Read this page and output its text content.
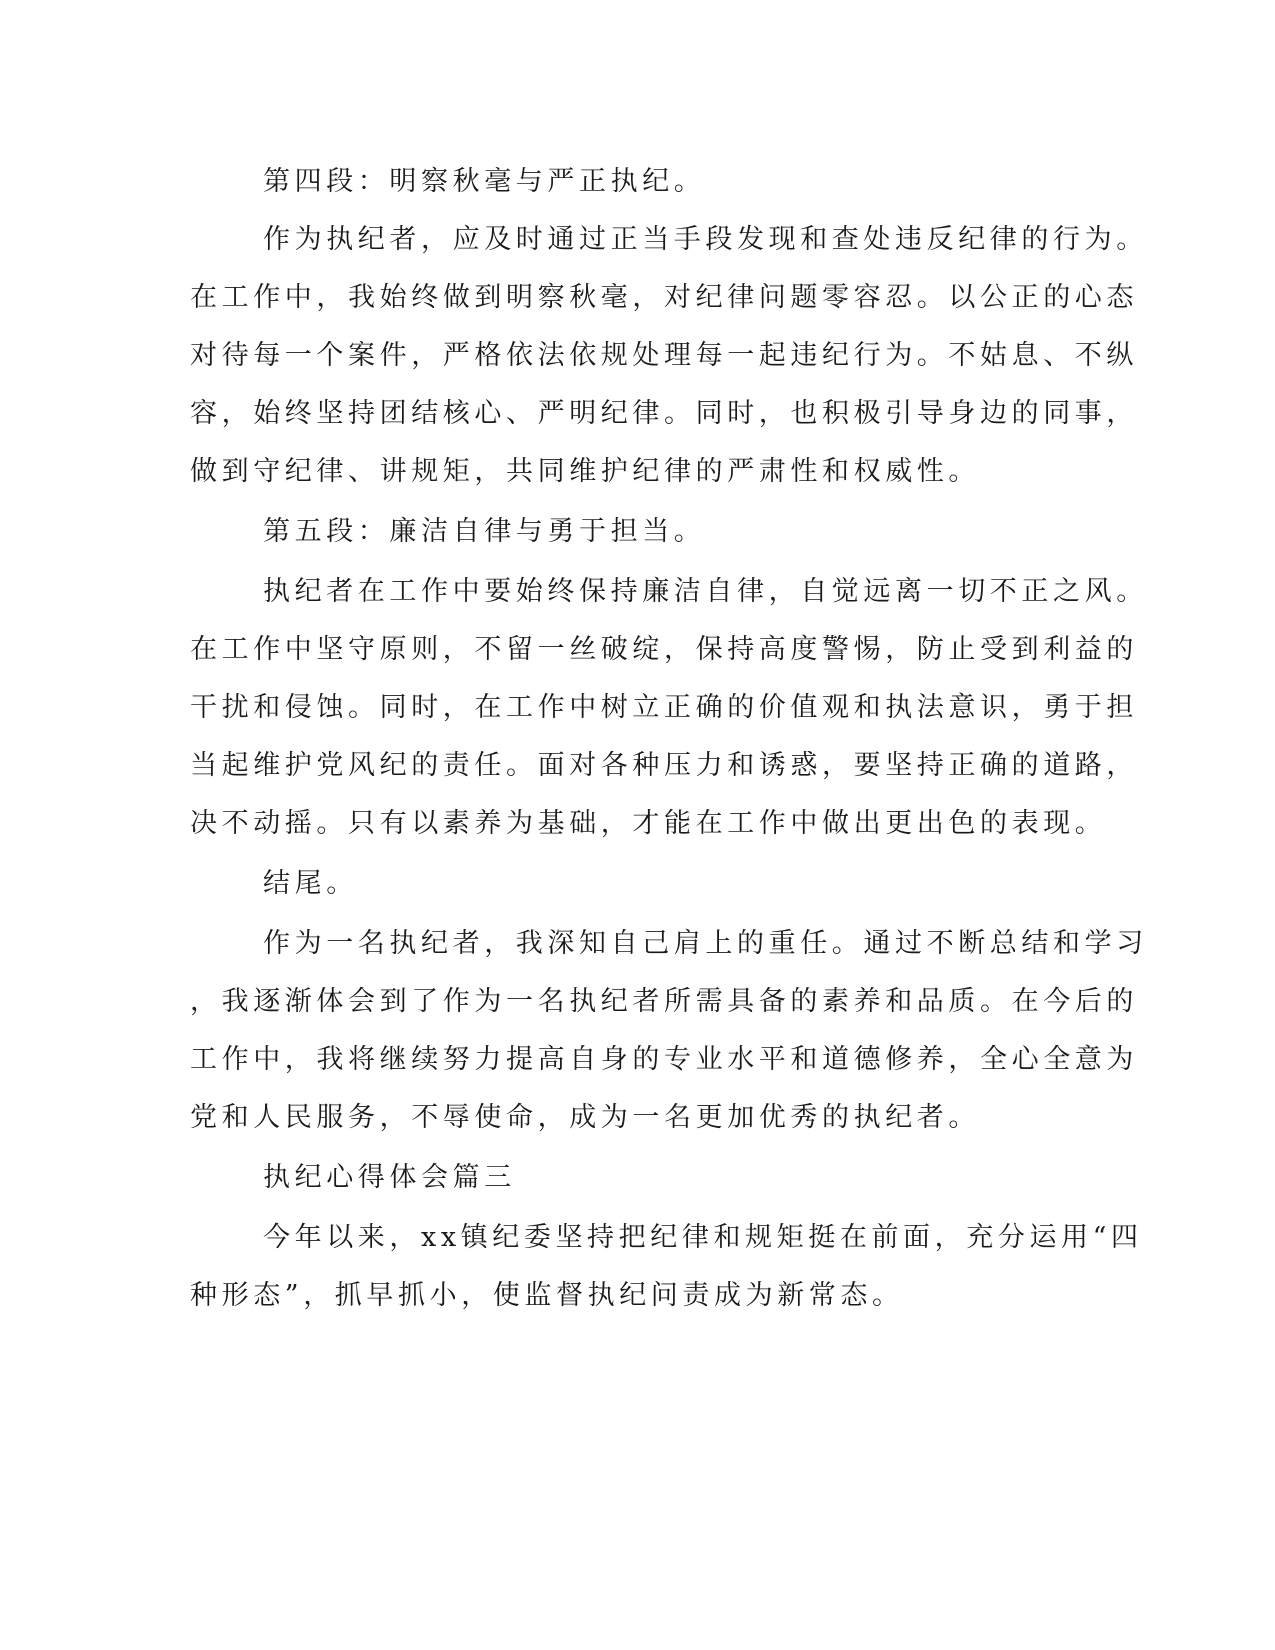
第四段：明察秋毫与严正执纪。

作为执纪者，应及时通过正当手段发现和查处违反纪律的行为。

在工作中，我始终做到明察秋毫，对纪律问题零容忍。以公正的心态

对待每一个案件，严格依法依规处理每一起违纪行为。不姑息、不纵

容，始终坚持团结核心、严明纪律。同时，也积极引导身边的同事，

做到守纪律、讲规矩，共同维护纪律的严肃性和权威性。

第五段：廉洁自律与勇于担当。

执纪者在工作中要始终保持廉洁自律，自觉远离一切不正之风。

在工作中坚守原则，不留一丝破绽，保持高度警惕，防止受到利益的

干扰和侵蚀。同时，在工作中树立正确的价值观和执法意识，勇于担

当起维护党风纪的责任。面对各种压力和诱惑，要坚持正确的道路，

决不动摇。只有以素养为基础，才能在工作中做出更出色的表现。

结尾。

作为一名执纪者，我深知自己肩上的重任。通过不断总结和学习

，我逐渐体会到了作为一名执纪者所需具备的素养和品质。在今后的

工作中，我将继续努力提高自身的专业水平和道德修养，全心全意为

党和人民服务，不辱使命，成为一名更加优秀的执纪者。

执纪心得体会篇三

今年以来，xx镇纪委坚持把纪律和规矩挺在前面，充分运用“四

种形态”，抓早抓小，使监督执纪问责成为新常态。
